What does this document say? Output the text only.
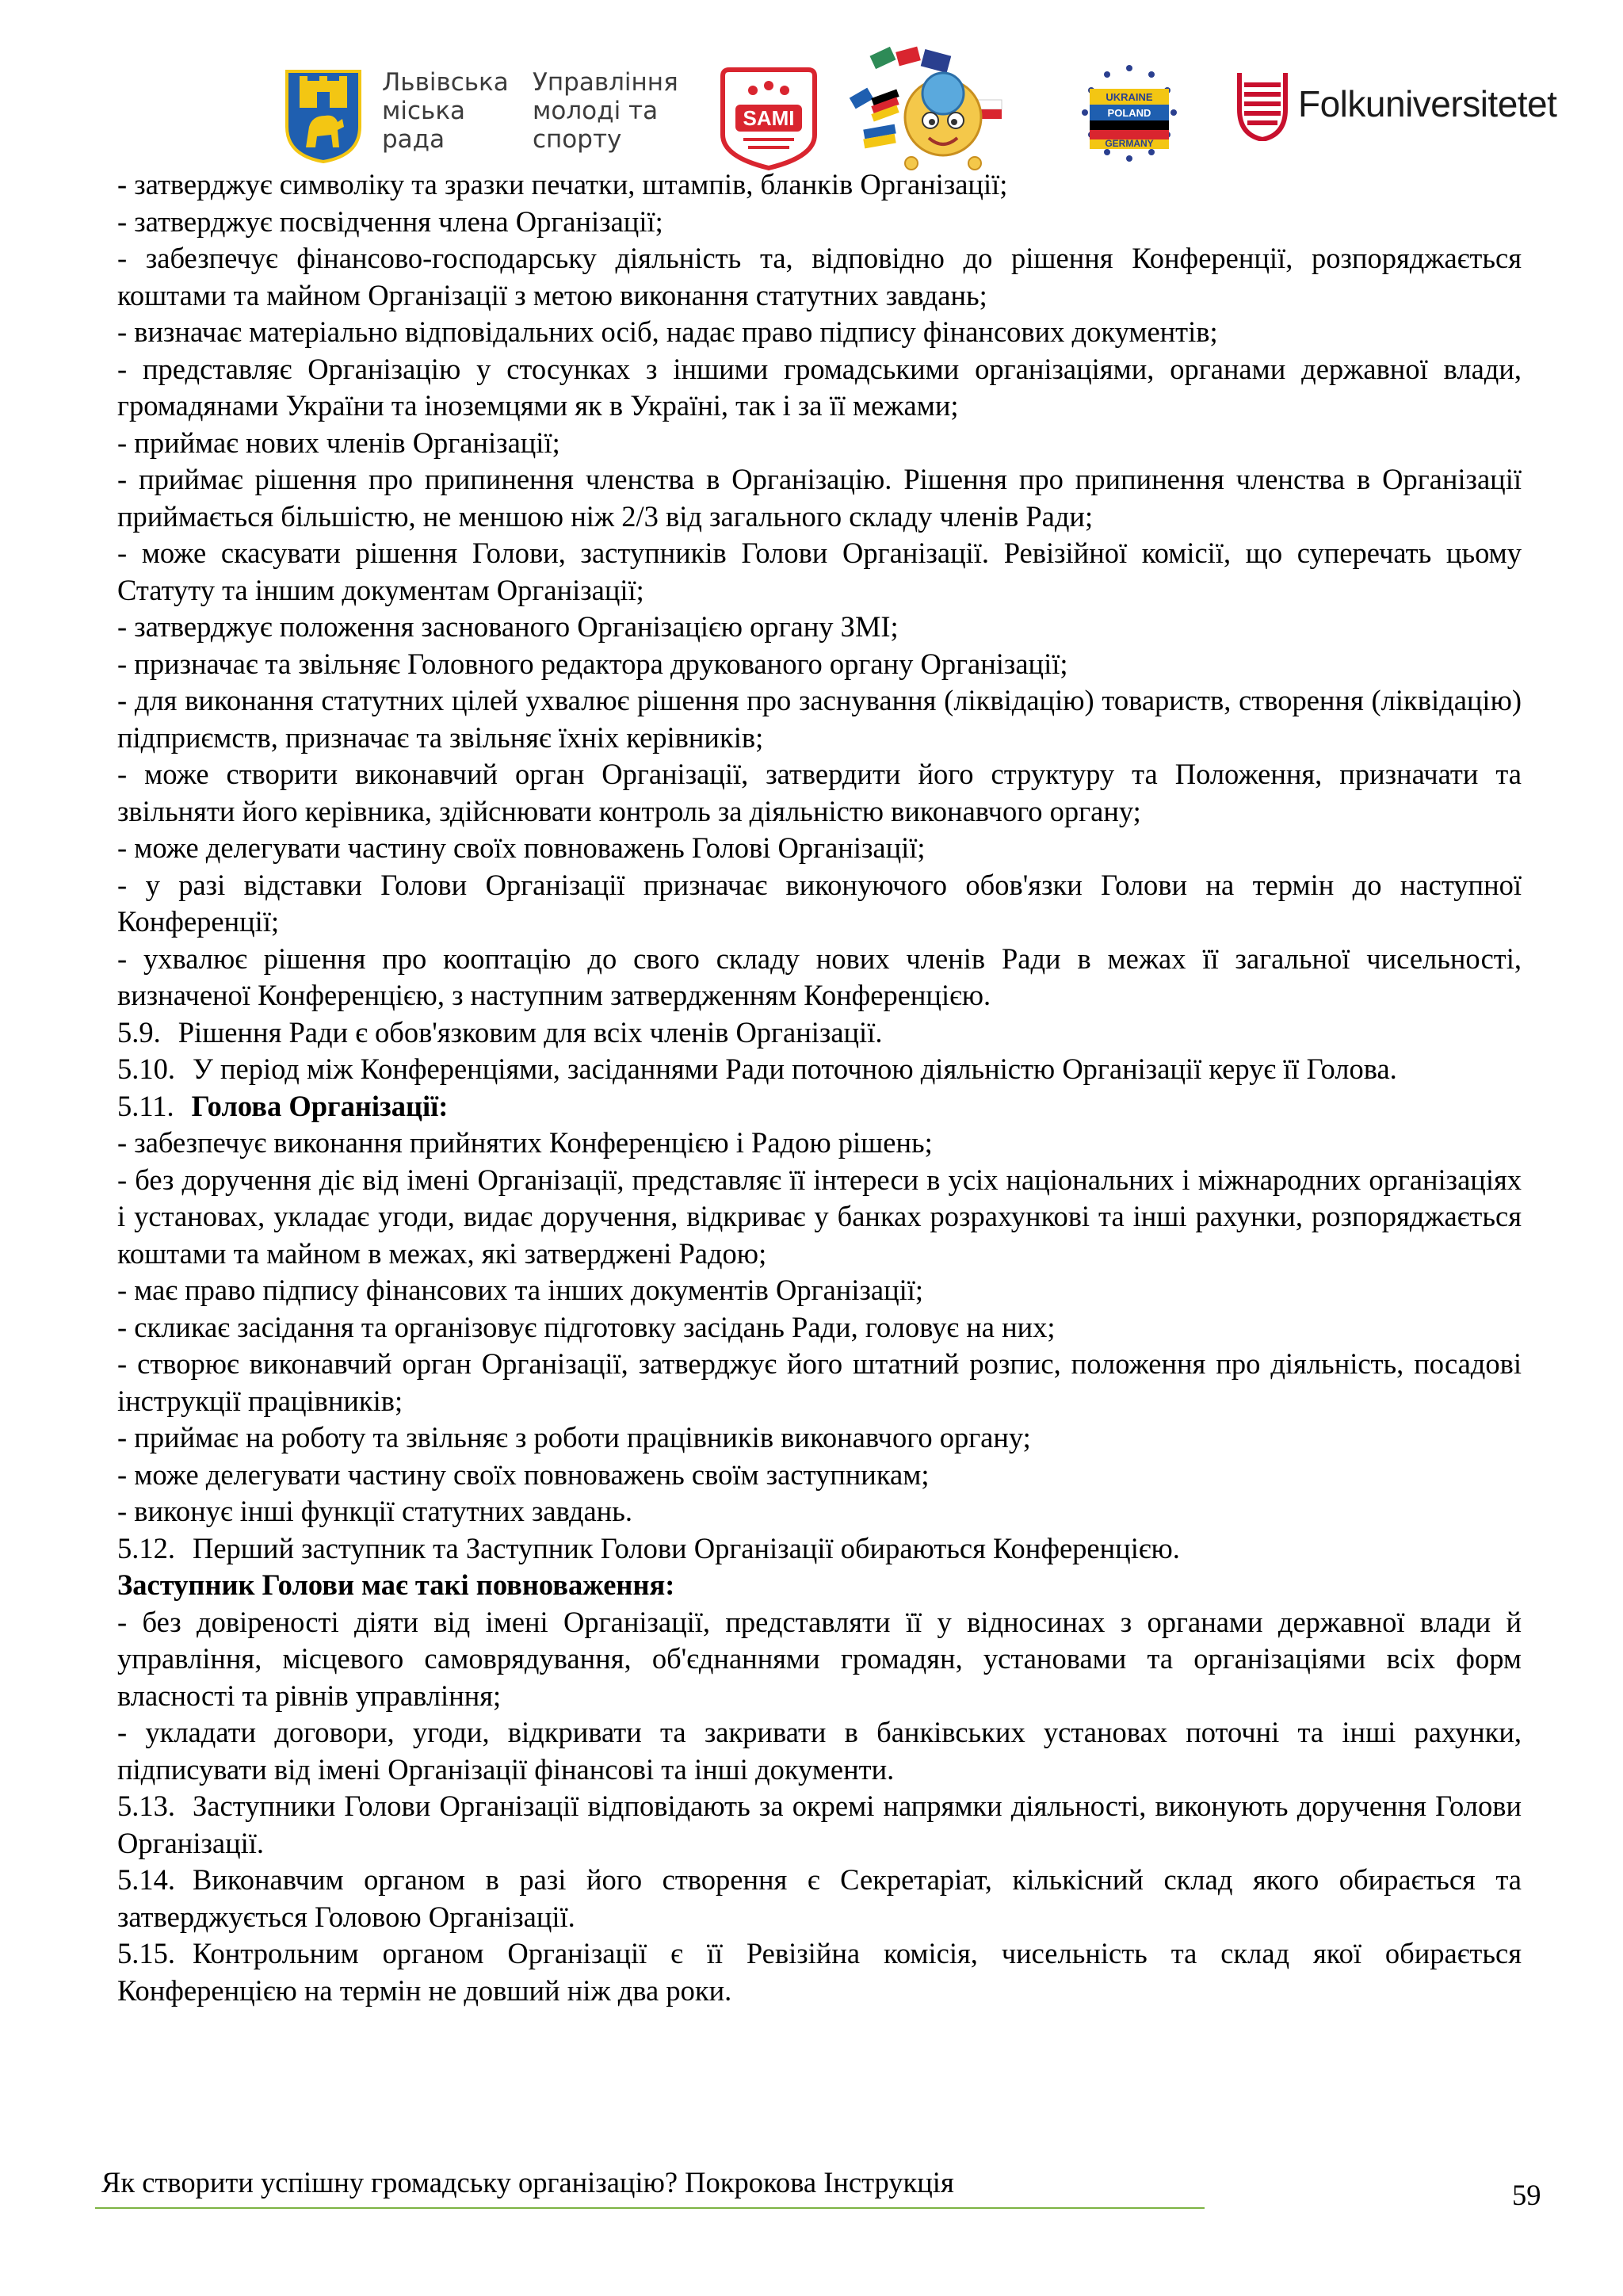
Львівська
міська
рада
Управління
молоді та
спорту
SAMI
UKRAINE
POLAND
GERMANY
Folkuniversitetet

- затверджує символіку та зразки печатки, штампів, бланків Організації;

- затверджує посвідчення члена Організації;

- забезпечує фінансово-господарську діяльність та, відповідно до рішення Конференції, розпоряджається коштами та майном Організації з метою виконання статутних завдань;

- визначає матеріально відповідальних осіб, надає право підпису фінансових документів;

- представляє Організацію у стосунках з іншими громадськими організаціями, органами державної влади, громадянами України та іноземцями як в Україні, так і за її межами;

- приймає нових членів Організації;

- приймає рішення про припинення членства в Організацію. Рішення про припинення членства в Організації приймається більшістю, не меншою ніж 2/3 від загального складу членів Ради;

- може скасувати рішення Голови, заступників Голови Організації. Ревізійної комісії, що суперечать цьому Статуту та іншим документам Організації;

- затверджує положення заснованого Організацією органу ЗМІ;

- призначає та звільняє Головного редактора друкованого органу Організації;

- для виконання статутних цілей ухвалює рішення про заснування (ліквідацію) товариств, створення (ліквідацію) підприємств, призначає та звільняє їхніх керівників;

- може створити виконавчий орган Організації, затвердити його структуру та Положення, призначати та звільняти його керівника, здійснювати контроль за діяльністю виконавчого органу;

- може делегувати частину своїх повноважень Голові Організації;

- у разі відставки Голови Організації призначає виконуючого обов'язки Голови на термін до наступної Конференції;

- ухвалює рішення про кооптацію до свого складу нових членів Ради в межах її загальної чисельності, визначеної Конференцією, з наступним затвердженням Конференцією.

5.9. Рішення Ради є обов'язковим для всіх членів Організації.

5.10. У період між Конференціями, засіданнями Ради поточною діяльністю Організації керує її Голова.

5.11. Голова Організації:

- забезпечує виконання прийнятих Конференцією і Радою рішень;

- без доручення діє від імені Організації, представляє її інтереси в усіх національних і міжнародних організаціях і установах, укладає угоди, видає доручення, відкриває у банках розрахункові та інші рахунки, розпоряджається коштами та майном в межах, які затверджені Радою;

- має право підпису фінансових та інших документів Організації;

- скликає засідання та організовує підготовку засідань Ради, головує на них;

- створює виконавчий орган Організації, затверджує його штатний розпис, положення про діяльність, посадові інструкції працівників;

- приймає на роботу та звільняє з роботи працівників виконавчого органу;

- може делегувати частину своїх повноважень своїм заступникам;

- виконує інші функції статутних завдань.

5.12. Перший заступник та Заступник Голови Організації обираються Конференцією.

Заступник Голови має такі повноваження:

- без довіреності діяти від імені Організації, представляти її у відносинах з органами державної влади й управління, місцевого самоврядування, об'єднаннями громадян, установами та організаціями всіх форм власності та рівнів управління;

- укладати договори, угоди, відкривати та закривати в банківських установах поточні та інші рахунки, підписувати від імені Організації фінансові та інші документи.

5.13. Заступники Голови Організації відповідають за окремі напрямки діяльності, виконують доручення Голови Організації.

5.14. Виконавчим органом в разі його створення є Секретаріат, кількісний склад якого обирається та затверджується Головою Організації.

5.15. Контрольним органом Організації є її Ревізійна комісія, чисельність та склад якої обирається Конференцією на термін не довший ніж два роки.

Як створити успішну громадську організацію? Покрокова Інструкція	59
